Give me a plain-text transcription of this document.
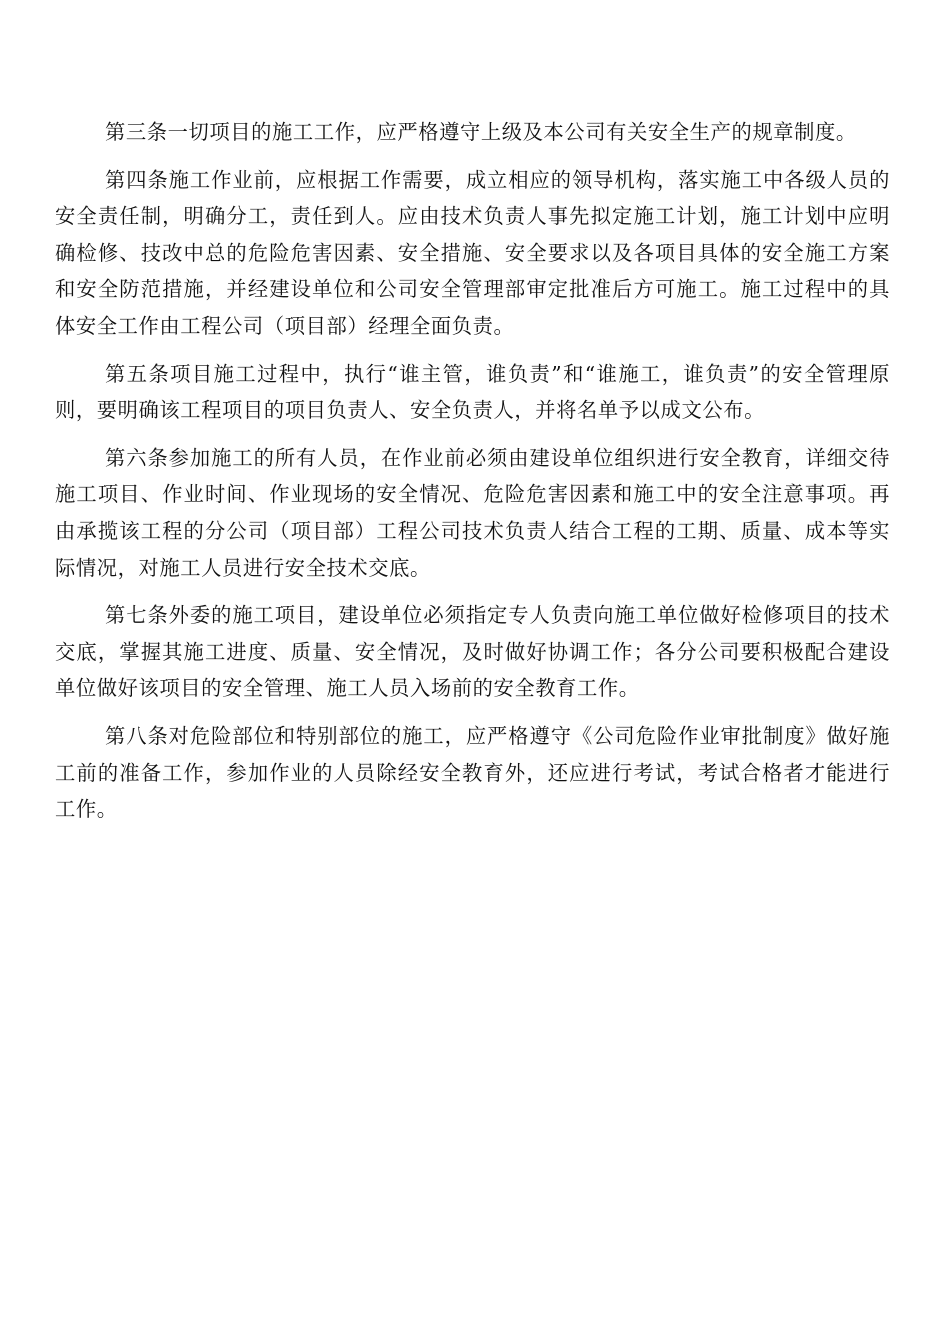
第三条一切项目的施工工作，应严格遵守上级及本公司有关安全生产的规章制度。

第四条施工作业前，应根据工作需要，成立相应的领导机构，落实施工中各级人员的安全责任制，明确分工，责任到人。应由技术负责人事先拟定施工计划，施工计划中应明确检修、技改中总的危险危害因素、安全措施、安全要求以及各项目具体的安全施工方案和安全防范措施，并经建设单位和公司安全管理部审定批准后方可施工。施工过程中的具体安全工作由工程公司（项目部）经理全面负责。

第五条项目施工过程中，执行“谁主管，谁负责”和“谁施工，谁负责”的安全管理原则，要明确该工程项目的项目负责人、安全负责人，并将名单予以成文公布。

第六条参加施工的所有人员，在作业前必须由建设单位组织进行安全教育，详细交待施工项目、作业时间、作业现场的安全情况、危险危害因素和施工中的安全注意事项。再由承揽该工程的分公司（项目部）工程公司技术负责人结合工程的工期、质量、成本等实际情况，对施工人员进行安全技术交底。

第七条外委的施工项目，建设单位必须指定专人负责向施工单位做好检修项目的技术交底，掌握其施工进度、质量、安全情况，及时做好协调工作；各分公司要积极配合建设单位做好该项目的安全管理、施工人员入场前的安全教育工作。

第八条对危险部位和特别部位的施工，应严格遵守《公司危险作业审批制度》做好施工前的准备工作，参加作业的人员除经安全教育外，还应进行考试，考试合格者才能进行工作。
